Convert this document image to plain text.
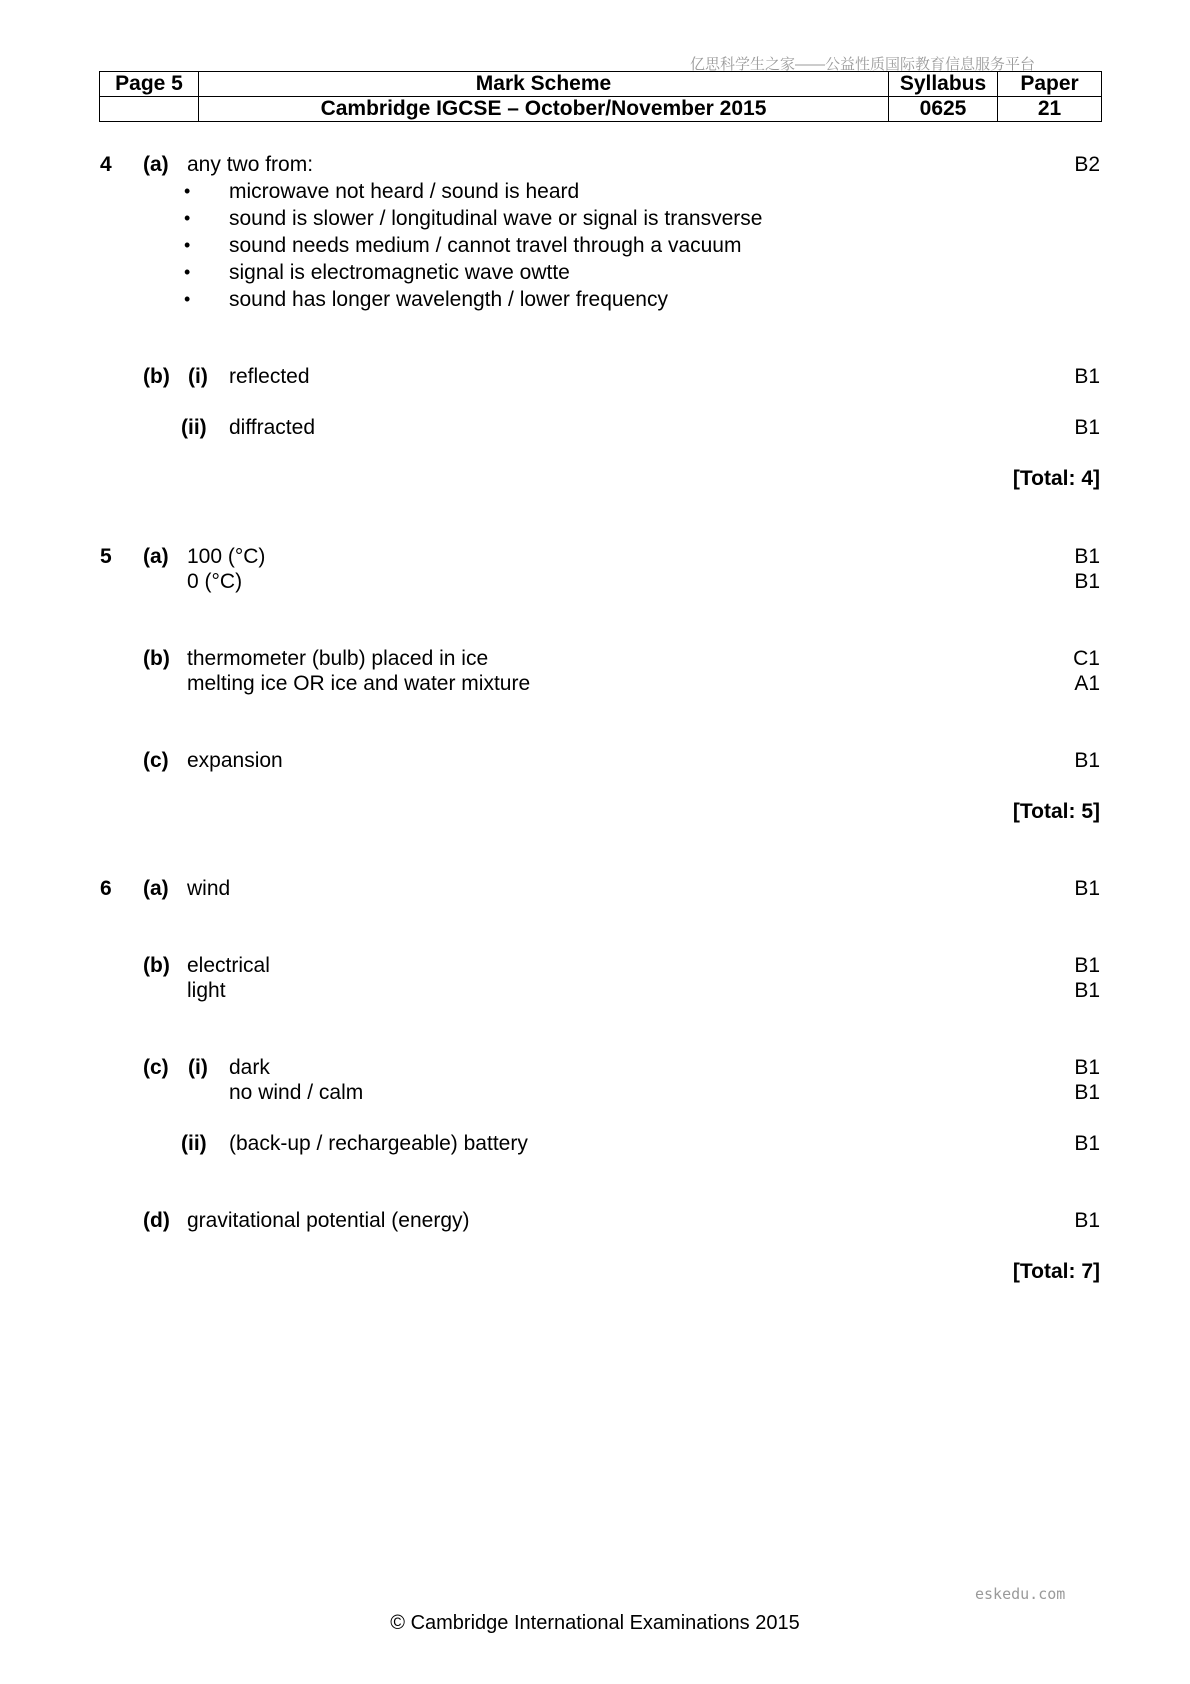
亿思科学生之家——公益性质国际教育信息服务平台
Page 5	Mark Scheme	Syllabus	Paper
	Cambridge IGCSE – October/November 2015	0625	21
4 (a) any two from:	B2
• microwave not heard / sound is heard
• sound is slower / longitudinal wave or signal is transverse
• sound needs medium / cannot travel through a vacuum
• signal is electromagnetic wave owtte
• sound has longer wavelength / lower frequency
(b) (i) reflected	B1
(ii) diffracted	B1
[Total: 4]
5 (a) 100 (°C)	B1
0 (°C)	B1
(b) thermometer (bulb) placed in ice	C1
melting ice OR ice and water mixture	A1
(c) expansion	B1
[Total: 5]
6 (a) wind	B1
(b) electrical	B1
light	B1
(c) (i) dark	B1
no wind / calm	B1
(ii) (back-up / rechargeable) battery	B1
(d) gravitational potential (energy)	B1
[Total: 7]
eskedu.com
© Cambridge International Examinations 2015
